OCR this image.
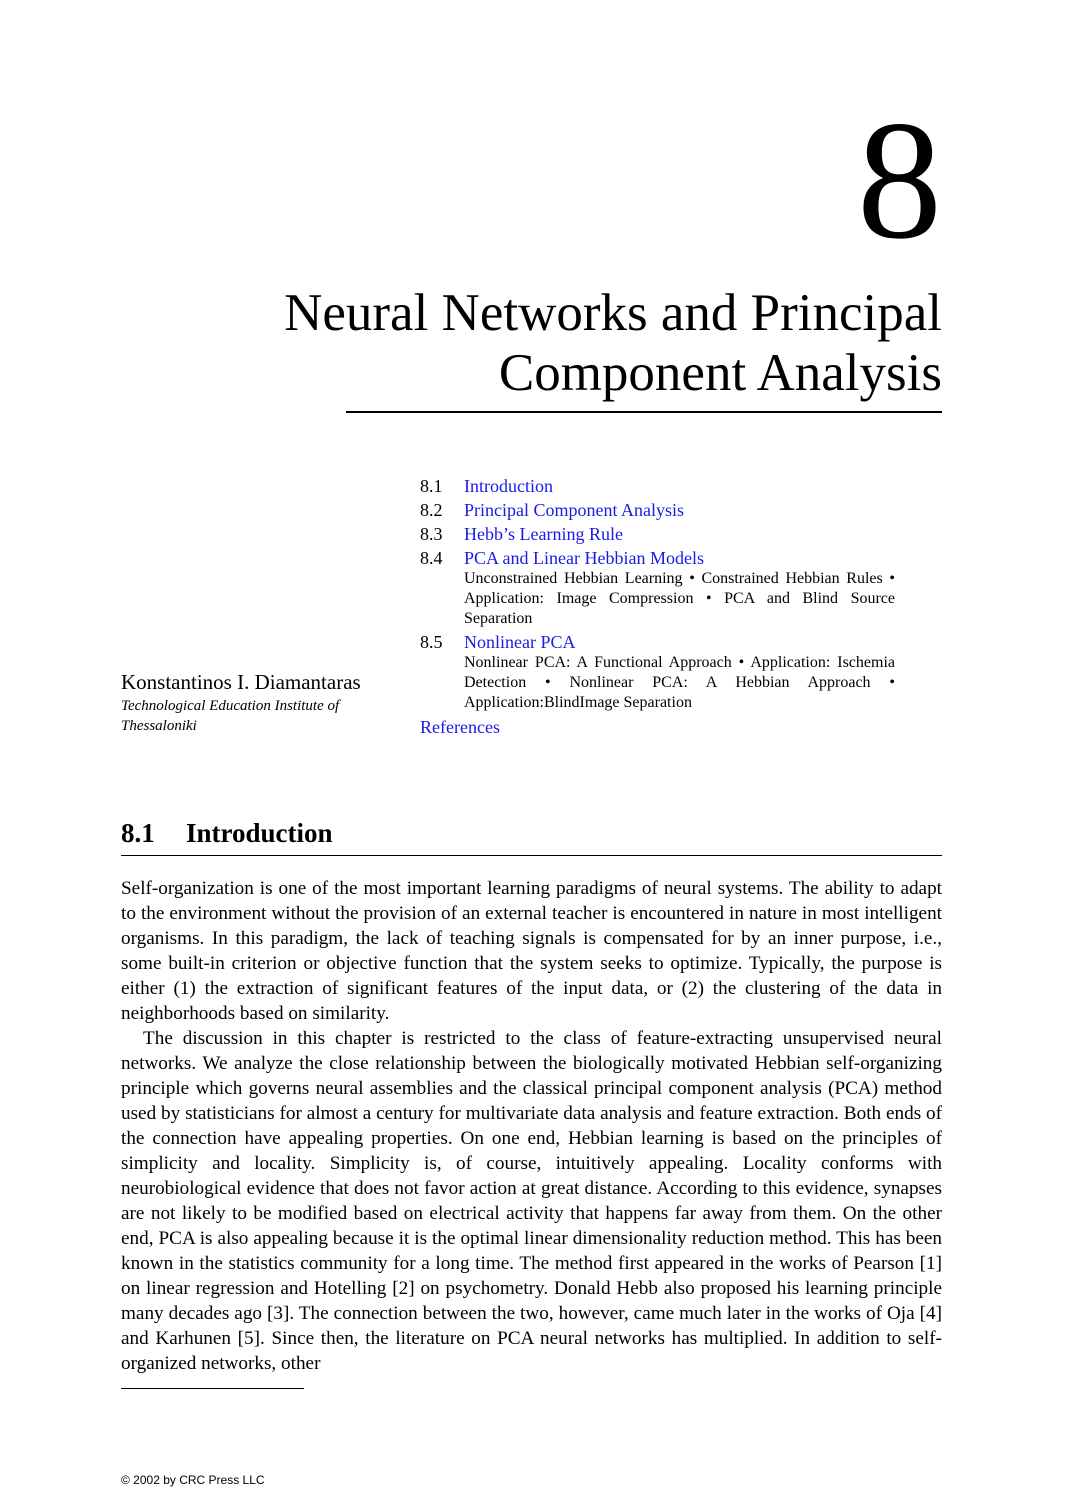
8
Neural Networks and Principal
Component Analysis
8.1	Introduction
8.2	Principal Component Analysis
8.3	Hebb’s Learning Rule
8.4	PCA and Linear Hebbian Models
Unconstrained Hebbian Learning • Constrained Hebbian Rules • Application: Image Compression • PCA and Blind Source Separation
8.5	Nonlinear PCA
Nonlinear PCA: A Functional Approach • Application: Ischemia Detection • Nonlinear PCA: A Hebbian Approach • Application:BlindImage Separation
References
Konstantinos I. Diamantaras
Technological Education Institute of Thessaloniki
8.1 Introduction

Self-organization is one of the most important learning paradigms of neural systems. The ability to adapt to the environment without the provision of an external teacher is encountered in nature in most intelligent organisms. In this paradigm, the lack of teaching signals is compensated for by an inner purpose, i.e., some built-in criterion or objective function that the system seeks to optimize. Typically, the purpose is either (1) the extraction of significant features of the input data, or (2) the clustering of the data in neighborhoods based on similarity.

The discussion in this chapter is restricted to the class of feature-extracting unsupervised neural networks. We analyze the close relationship between the biologically motivated Hebbian self-organizing principle which governs neural assemblies and the classical principal component analysis (PCA) method used by statisticians for almost a century for multivariate data analysis and feature extraction. Both ends of the connection have appealing properties. On one end, Hebbian learning is based on the principles of simplicity and locality. Simplicity is, of course, intuitively appealing. Locality conforms with neurobiological evidence that does not favor action at great distance. According to this evidence, synapses are not likely to be modified based on electrical activity that happens far away from them. On the other end, PCA is also appealing because it is the optimal linear dimensionality reduction method. This has been known in the statistics community for a long time. The method first appeared in the works of Pearson [1] on linear regression and Hotelling [2] on psychometry. Donald Hebb also proposed his learning principle many decades ago [3]. The connection between the two, however, came much later in the works of Oja [4] and Karhunen [5]. Since then, the literature on PCA neural networks has multiplied. In addition to self-organized networks, other

© 2002 by CRC Press LLC
